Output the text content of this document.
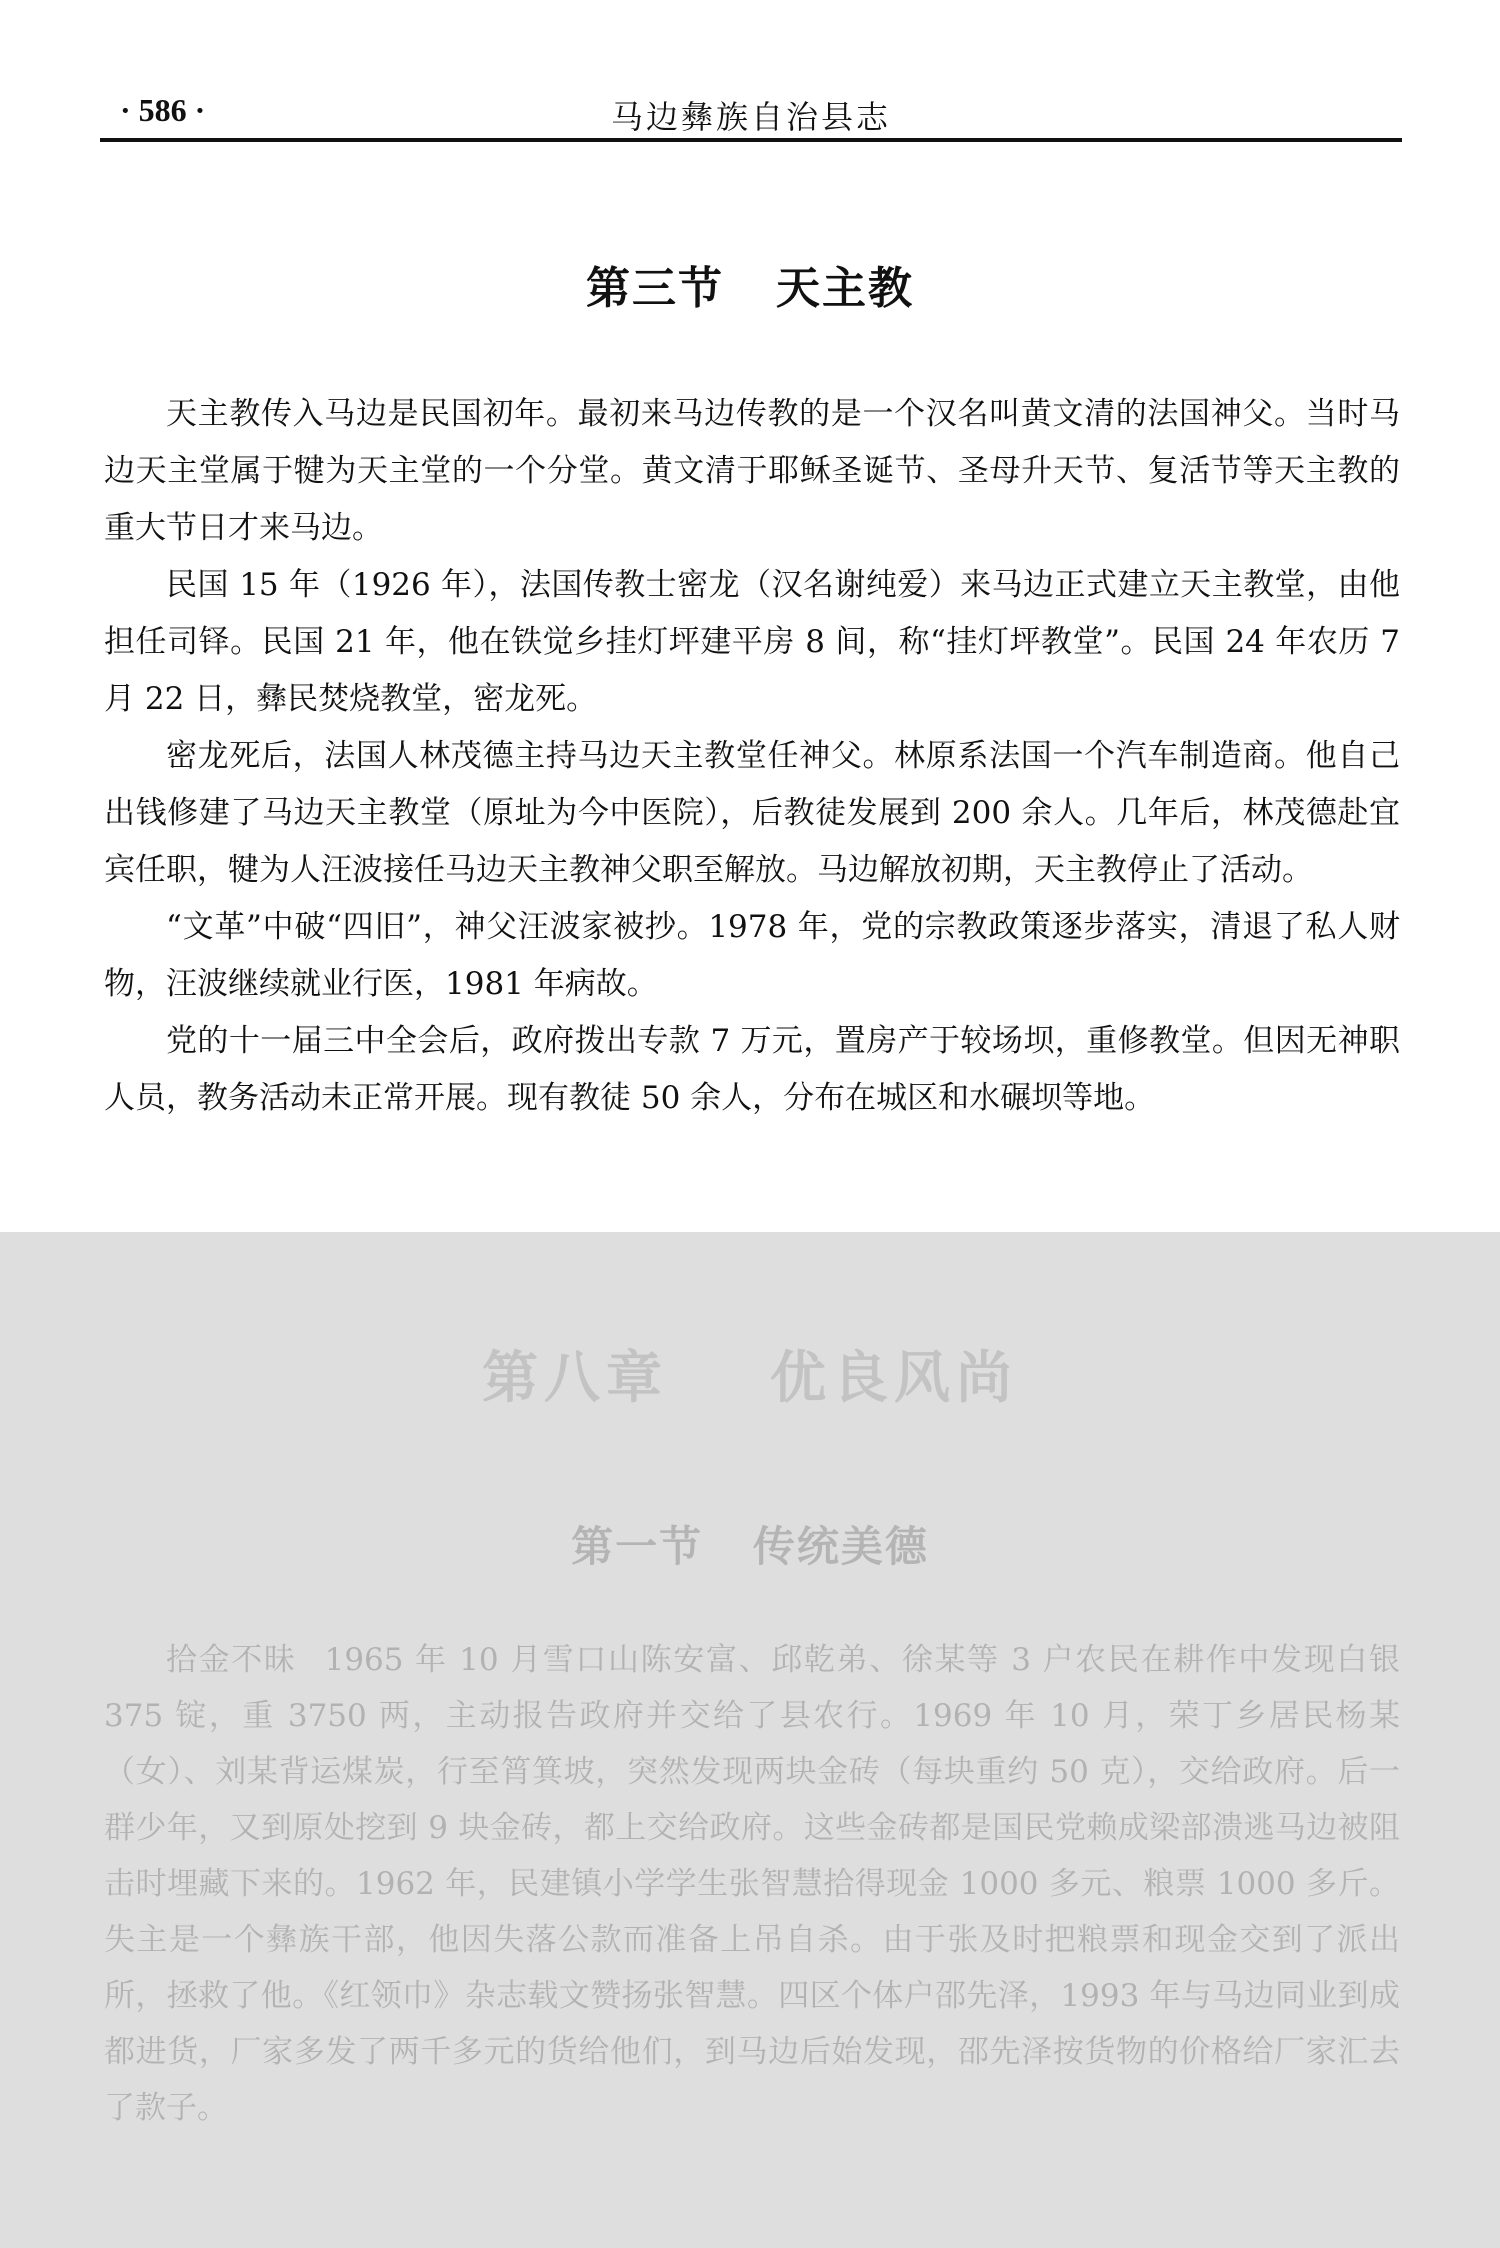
· 586 ·	马边彝族自治县志
第三节   天主教

天主教传入马边是民国初年。最初来马边传教的是一个汉名叫黄文清的法国神父。当时马边天主堂属于犍为天主堂的一个分堂。黄文清于耶稣圣诞节、圣母升天节、复活节等天主教的重大节日才来马边。

民国 15 年（1926 年），法国传教士密龙（汉名谢纯爱）来马边正式建立天主教堂，由他担任司铎。民国 21 年，他在铁觉乡挂灯坪建平房 8 间，称“挂灯坪教堂”。民国 24 年农历 7 月 22 日，彝民焚烧教堂，密龙死。

密龙死后，法国人林茂德主持马边天主教堂任神父。林原系法国一个汽车制造商。他自己出钱修建了马边天主教堂（原址为今中医院），后教徒发展到 200 余人。几年后，林茂德赴宜宾任职，犍为人汪波接任马边天主教神父职至解放。马边解放初期，天主教停止了活动。

“文革”中破“四旧”，神父汪波家被抄。1978 年，党的宗教政策逐步落实，清退了私人财物，汪波继续就业行医，1981 年病故。

党的十一届三中全会后，政府拨出专款 7 万元，置房产于较场坝，重修教堂。但因无神职人员，教务活动未正常开展。现有教徒 50 余人，分布在城区和水碾坝等地。

第八章    优良风尚
第一节   传统美德

拾金不昧 1965 年 10 月雪口山陈安富、邱乾弟、徐某等 3 户农民在耕作中发现白银 375 锭，重 3750 两，主动报告政府并交给了县农行。1969 年 10 月，荣丁乡居民杨某（女）、刘某背运煤炭，行至筲箕坡，突然发现两块金砖（每块重约 50 克），交给政府。后一群少年，又到原处挖到 9 块金砖，都上交给政府。这些金砖都是国民党赖成梁部溃逃马边被阻击时埋藏下来的。1962 年，民建镇小学学生张智慧拾得现金 1000 多元、粮票 1000 多斤。失主是一个彝族干部，他因失落公款而准备上吊自杀。由于张及时把粮票和现金交到了派出所，拯救了他。《红领巾》杂志载文赞扬张智慧。四区个体户邵先泽，1993 年与马边同业到成都进货，厂家多发了两千多元的货给他们，到马边后始发现，邵先泽按货物的价格给厂家汇去了款子。
